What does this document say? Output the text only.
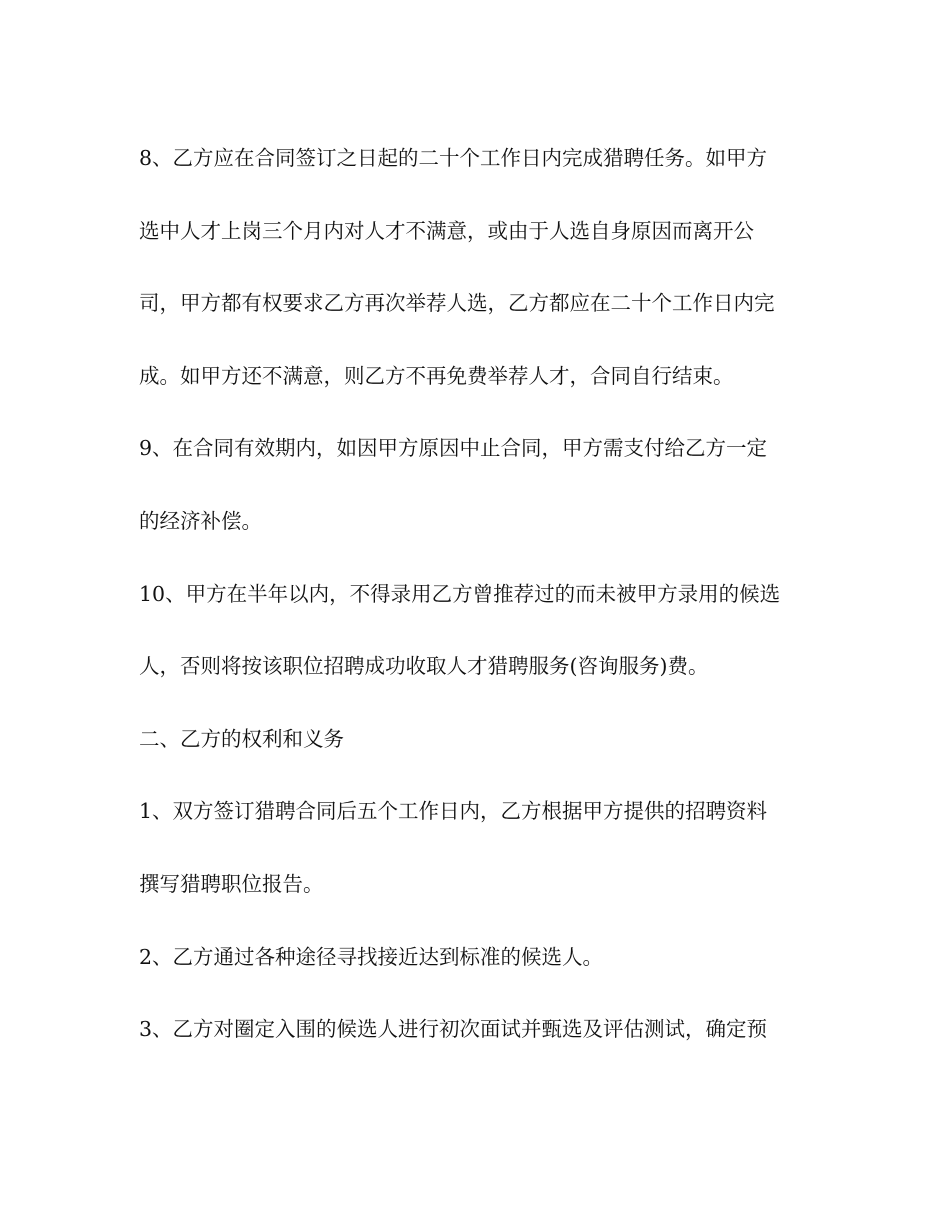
8、乙方应在合同签订之日起的二十个工作日内完成猎聘任务。如甲方
选中人才上岗三个月内对人才不满意，或由于人选自身原因而离开公
司，甲方都有权要求乙方再次举荐人选，乙方都应在二十个工作日内完
成。如甲方还不满意，则乙方不再免费举荐人才，合同自行结束。
9、在合同有效期内，如因甲方原因中止合同，甲方需支付给乙方一定
的经济补偿。
10、甲方在半年以内，不得录用乙方曾推荐过的而未被甲方录用的候选
人，否则将按该职位招聘成功收取人才猎聘服务(咨询服务)费。
二、乙方的权利和义务
1、双方签订猎聘合同后五个工作日内，乙方根据甲方提供的招聘资料
撰写猎聘职位报告。
2、乙方通过各种途径寻找接近达到标准的候选人。
3、乙方对圈定入围的候选人进行初次面试并甄选及评估测试，确定预
